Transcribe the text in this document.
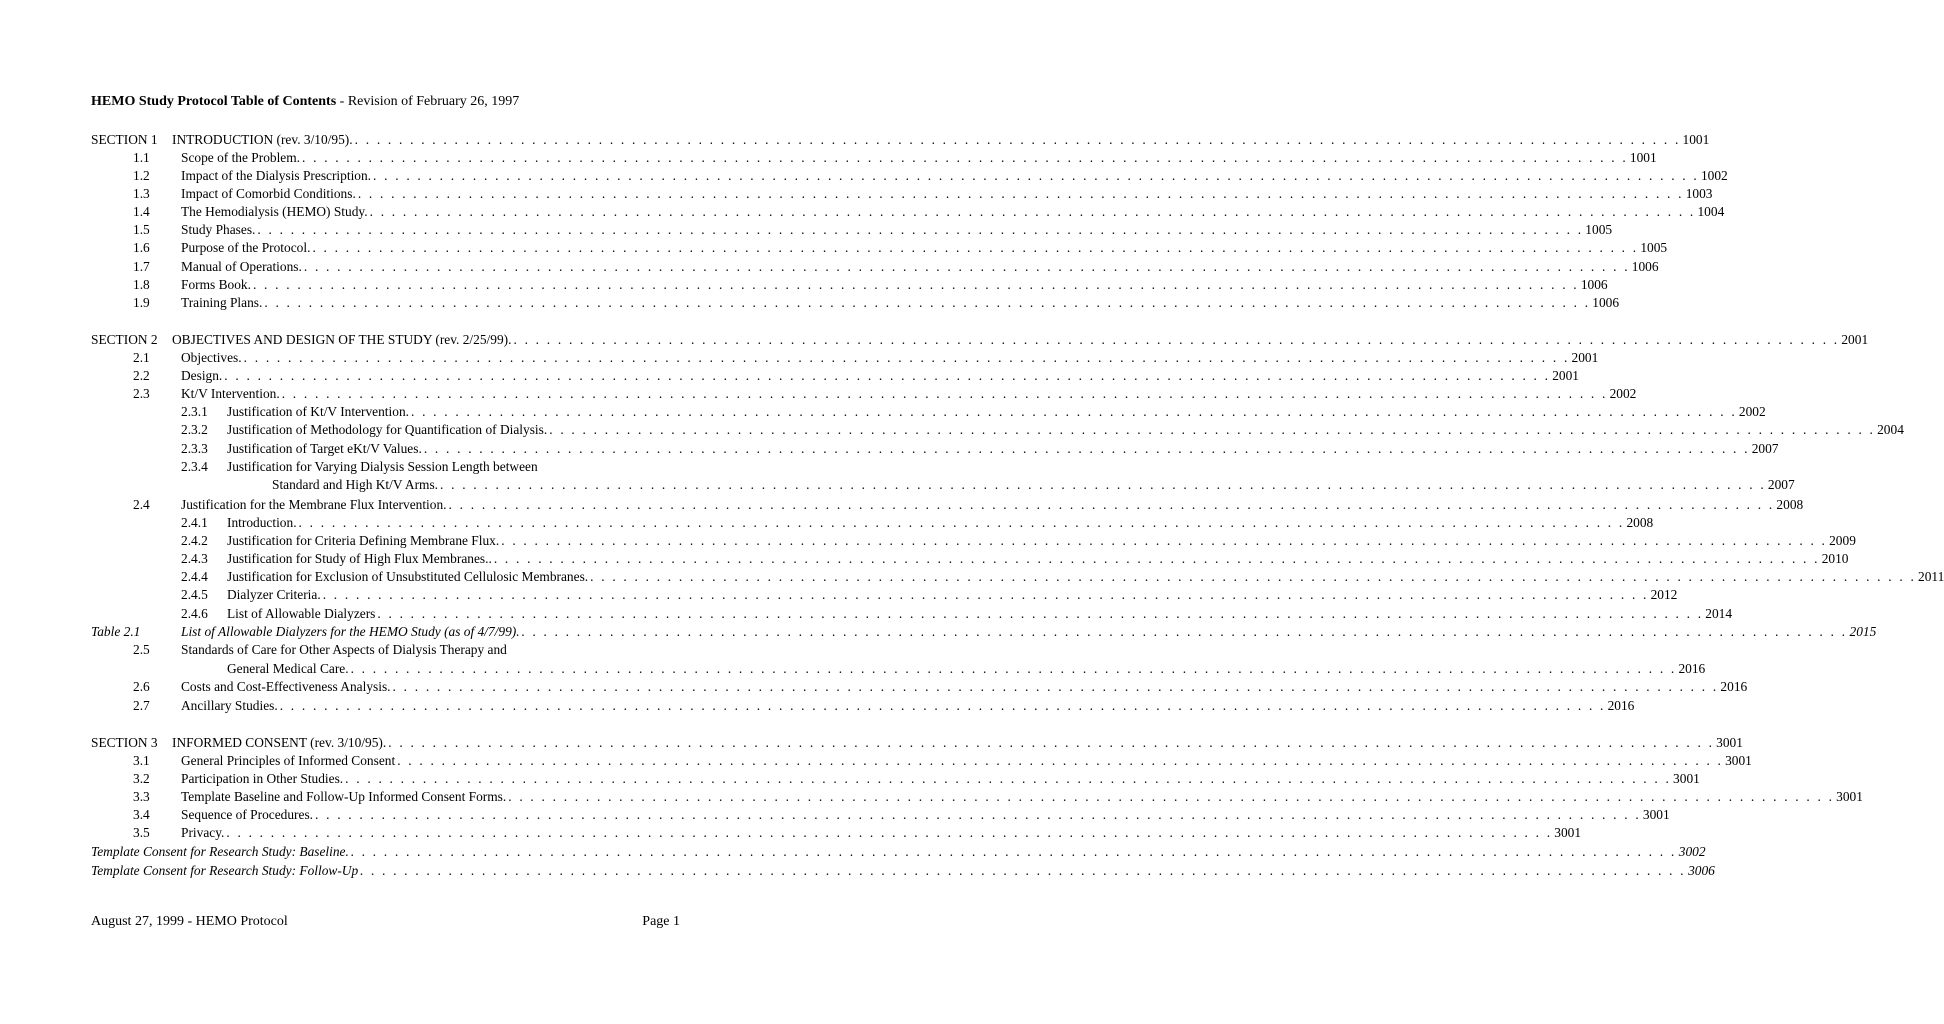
HEMO Study Protocol Table of Contents - Revision of February 26, 1997
SECTION 1 INTRODUCTION (rev. 3/10/95). . . . . . . . . . . . . . . . . . . . . . . . . . . . . . . . . . . . . . . . . . . . . . . . . . . . . . . . . . . . . . . . . . . . . . . . . . . . . . . . . . . . . . . . . . . . . . . . . . . . . . . . . . . . . . . . . . . . . . . . . 1001
1.1 Scope of the Problem. . . . . . . . . . . . . . . . . . . . . . . . . . . . . . . . . . . . . . . . . . . . . . . . . . . . . . . . . . . . . . . . . . . . . . . . . . . . . . . . . . . . . . . . . . . . . . . . . . . . . . . . . . . . . . . . . . . . . . . . . 1001
1.2 Impact of the Dialysis Prescription. . . . . . . . . . . . . . . . . . . . . . . . . . . . . . . . . . . . . . . . . . . . . . . . . . . . . . . . . . . . . . . . . . . . . . . . . . . . . . . . . . . . . . . . . . . . . . . . . . . . . . . . . . . . . . . . . . . . . . . . . 1002
1.3 Impact of Comorbid Conditions. . . . . . . . . . . . . . . . . . . . . . . . . . . . . . . . . . . . . . . . . . . . . . . . . . . . . . . . . . . . . . . . . . . . . . . . . . . . . . . . . . . . . . . . . . . . . . . . . . . . . . . . . . . . . . . . . . . . . . . . . 1003
1.4 The Hemodialysis (HEMO) Study. . . . . . . . . . . . . . . . . . . . . . . . . . . . . . . . . . . . . . . . . . . . . . . . . . . . . . . . . . . . . . . . . . . . . . . . . . . . . . . . . . . . . . . . . . . . . . . . . . . . . . . . . . . . . . . . . . . . . . . . . 1004
1.5 Study Phases. . . . . . . . . . . . . . . . . . . . . . . . . . . . . . . . . . . . . . . . . . . . . . . . . . . . . . . . . . . . . . . . . . . . . . . . . . . . . . . . . . . . . . . . . . . . . . . . . . . . . . . . . . . . . . . . . . . . . . . . . 1005
1.6 Purpose of the Protocol. . . . . . . . . . . . . . . . . . . . . . . . . . . . . . . . . . . . . . . . . . . . . . . . . . . . . . . . . . . . . . . . . . . . . . . . . . . . . . . . . . . . . . . . . . . . . . . . . . . . . . . . . . . . . . . . . . . . . . . . . 1005
1.7 Manual of Operations. . . . . . . . . . . . . . . . . . . . . . . . . . . . . . . . . . . . . . . . . . . . . . . . . . . . . . . . . . . . . . . . . . . . . . . . . . . . . . . . . . . . . . . . . . . . . . . . . . . . . . . . . . . . . . . . . . . . . . . . . 1006
1.8 Forms Book. . . . . . . . . . . . . . . . . . . . . . . . . . . . . . . . . . . . . . . . . . . . . . . . . . . . . . . . . . . . . . . . . . . . . . . . . . . . . . . . . . . . . . . . . . . . . . . . . . . . . . . . . . . . . . . . . . . . . . . . . 1006
1.9 Training Plans. . . . . . . . . . . . . . . . . . . . . . . . . . . . . . . . . . . . . . . . . . . . . . . . . . . . . . . . . . . . . . . . . . . . . . . . . . . . . . . . . . . . . . . . . . . . . . . . . . . . . . . . . . . . . . . . . . . . . . . . . 1006
SECTION 2 OBJECTIVES AND DESIGN OF THE STUDY (rev. 2/25/99). . . . . . . . . . . . . . . . . . . . . . . . . . . . . . . . . . . . . . . . . . . . . . . . . . . . . . . . . . . . . . . . . . . . . . . . . . . . . . . . . . . . . . . . . . . . . . . . . . . . . . . . . . . . . . . . . . . . . . . . . 2001
2.1 Objectives. . . . . . . . . . . . . . . . . . . . . . . . . . . . . . . . . . . . . . . . . . . . . . . . . . . . . . . . . . . . . . . . . . . . . . . . . . . . . . . . . . . . . . . . . . . . . . . . . . . . . . . . . . . . . . . . . . . . . . . . . 2001
2.2 Design. . . . . . . . . . . . . . . . . . . . . . . . . . . . . . . . . . . . . . . . . . . . . . . . . . . . . . . . . . . . . . . . . . . . . . . . . . . . . . . . . . . . . . . . . . . . . . . . . . . . . . . . . . . . . . . . . . . . . . . . . 2001
2.3 Kt/V Intervention. . . . . . . . . . . . . . . . . . . . . . . . . . . . . . . . . . . . . . . . . . . . . . . . . . . . . . . . . . . . . . . . . . . . . . . . . . . . . . . . . . . . . . . . . . . . . . . . . . . . . . . . . . . . . . . . . . . . . . . . . 2002
2.3.1 Justification of Kt/V Intervention. . . . . . . . . . . . . . . . . . . . . . . . . . . . . . . . . . . . . . . . . . . . . . . . . . . . . . . . . . . . . . . . . . . . . . . . . . . . . . . . . . . . . . . . . . . . . . . . . . . . . . . . . . . . . . . . . . . . . . . . . 2002
2.3.2 Justification of Methodology for Quantification of Dialysis. . . . . . . . . . . . . . . . . . . . . . . . . . . . . . . . . . . . . . . . . . . . . . . . . . . . . . . . . . . . . . . . . . . . . . . . . . . . . . . . . . . . . . . . . . . . . . . . . . . . . . . . . . . . . . . . . . . . . . . . . 2004
2.3.3 Justification of Target eKt/V Values. . . . . . . . . . . . . . . . . . . . . . . . . . . . . . . . . . . . . . . . . . . . . . . . . . . . . . . . . . . . . . . . . . . . . . . . . . . . . . . . . . . . . . . . . . . . . . . . . . . . . . . . . . . . . . . . . . . . . . . . . 2007
2.3.4 Justification for Varying Dialysis Session Length between
Standard and High Kt/V Arms. . . . . . . . . . . . . . . . . . . . . . . . . . . . . . . . . . . . . . . . . . . . . . . . . . . . . . . . . . . . . . . . . . . . . . . . . . . . . . . . . . . . . . . . . . . . . . . . . . . . . . . . . . . . . . . . . . . . . . . . . 2007
2.4 Justification for the Membrane Flux Intervention. . . . . . . . . . . . . . . . . . . . . . . . . . . . . . . . . . . . . . . . . . . . . . . . . . . . . . . . . . . . . . . . . . . . . . . . . . . . . . . . . . . . . . . . . . . . . . . . . . . . . . . . . . . . . . . . . . . . . . . . . 2008
2.4.1 Introduction. . . . . . . . . . . . . . . . . . . . . . . . . . . . . . . . . . . . . . . . . . . . . . . . . . . . . . . . . . . . . . . . . . . . . . . . . . . . . . . . . . . . . . . . . . . . . . . . . . . . . . . . . . . . . . . . . . . . . . . . . 2008
2.4.2 Justification for Criteria Defining Membrane Flux. . . . . . . . . . . . . . . . . . . . . . . . . . . . . . . . . . . . . . . . . . . . . . . . . . . . . . . . . . . . . . . . . . . . . . . . . . . . . . . . . . . . . . . . . . . . . . . . . . . . . . . . . . . . . . . . . . . . . . . . . 2009
2.4.3 Justification for Study of High Flux Membranes.. . . . . . . . . . . . . . . . . . . . . . . . . . . . . . . . . . . . . . . . . . . . . . . . . . . . . . . . . . . . . . . . . . . . . . . . . . . . . . . . . . . . . . . . . . . . . . . . . . . . . . . . . . . . . . . . . . . . . . . . . 2010
2.4.4 Justification for Exclusion of Unsubstituted Cellulosic Membranes. . . . . . . . . . . . . . . . . . . . . . . . . . . . . . . . . . . . . . . . . . . . . . . . . . . . . . . . . . . . . . . . . . . . . . . . . . . . . . . . . . . . . . . . . . . . . . . . . . . . . . . . . . . . . . . . . . . . . . . . . 2011
2.4.5 Dialyzer Criteria. . . . . . . . . . . . . . . . . . . . . . . . . . . . . . . . . . . . . . . . . . . . . . . . . . . . . . . . . . . . . . . . . . . . . . . . . . . . . . . . . . . . . . . . . . . . . . . . . . . . . . . . . . . . . . . . . . . . . . . . . 2012
2.4.6 List of Allowable Dialyzers . . . . . . . . . . . . . . . . . . . . . . . . . . . . . . . . . . . . . . . . . . . . . . . . . . . . . . . . . . . . . . . . . . . . . . . . . . . . . . . . . . . . . . . . . . . . . . . . . . . . . . . . . . . . . . . . . . . . . . . . 2014
Table 2.1	List of Allowable Dialyzers for the HEMO Study (as of 4/7/99). . . . . . . . . . . . . . . . . . . . . . . . . . . . . . . . . . . . . . . . . . . . . . . . . . . . . . . . . . . . . . . . . . . . . . . . . . . . . . . . . . . . . . . . . . . . . . . . . . . . . . . . . . . . . . . . . . . . . . . . . 2015
2.5 Standards of Care for Other Aspects of Dialysis Therapy and
General Medical Care. . . . . . . . . . . . . . . . . . . . . . . . . . . . . . . . . . . . . . . . . . . . . . . . . . . . . . . . . . . . . . . . . . . . . . . . . . . . . . . . . . . . . . . . . . . . . . . . . . . . . . . . . . . . . . . . . . . . . . . . . 2016
2.6 Costs and Cost-Effectiveness Analysis. . . . . . . . . . . . . . . . . . . . . . . . . . . . . . . . . . . . . . . . . . . . . . . . . . . . . . . . . . . . . . . . . . . . . . . . . . . . . . . . . . . . . . . . . . . . . . . . . . . . . . . . . . . . . . . . . . . . . . . . . 2016
2.7 Ancillary Studies. . . . . . . . . . . . . . . . . . . . . . . . . . . . . . . . . . . . . . . . . . . . . . . . . . . . . . . . . . . . . . . . . . . . . . . . . . . . . . . . . . . . . . . . . . . . . . . . . . . . . . . . . . . . . . . . . . . . . . . . . 2016
SECTION 3 INFORMED CONSENT (rev. 3/10/95). . . . . . . . . . . . . . . . . . . . . . . . . . . . . . . . . . . . . . . . . . . . . . . . . . . . . . . . . . . . . . . . . . . . . . . . . . . . . . . . . . . . . . . . . . . . . . . . . . . . . . . . . . . . . . . . . . . . . . . . . 3001
3.1 General Principles of Informed Consent . . . . . . . . . . . . . . . . . . . . . . . . . . . . . . . . . . . . . . . . . . . . . . . . . . . . . . . . . . . . . . . . . . . . . . . . . . . . . . . . . . . . . . . . . . . . . . . . . . . . . . . . . . . . . . . . . . . . . . . . 3001
3.2 Participation in Other Studies. . . . . . . . . . . . . . . . . . . . . . . . . . . . . . . . . . . . . . . . . . . . . . . . . . . . . . . . . . . . . . . . . . . . . . . . . . . . . . . . . . . . . . . . . . . . . . . . . . . . . . . . . . . . . . . . . . . . . . . . . 3001
3.3 Template Baseline and Follow-Up Informed Consent Forms. . . . . . . . . . . . . . . . . . . . . . . . . . . . . . . . . . . . . . . . . . . . . . . . . . . . . . . . . . . . . . . . . . . . . . . . . . . . . . . . . . . . . . . . . . . . . . . . . . . . . . . . . . . . . . . . . . . . . . . . . 3001
3.4 Sequence of Procedures. . . . . . . . . . . . . . . . . . . . . . . . . . . . . . . . . . . . . . . . . . . . . . . . . . . . . . . . . . . . . . . . . . . . . . . . . . . . . . . . . . . . . . . . . . . . . . . . . . . . . . . . . . . . . . . . . . . . . . . . . 3001
3.5 Privacy. . . . . . . . . . . . . . . . . . . . . . . . . . . . . . . . . . . . . . . . . . . . . . . . . . . . . . . . . . . . . . . . . . . . . . . . . . . . . . . . . . . . . . . . . . . . . . . . . . . . . . . . . . . . . . . . . . . . . . . . . 3001
Template Consent for Research Study: Baseline. . . . . . . . . . . . . . . . . . . . . . . . . . . . . . . . . . . . . . . . . . . . . . . . . . . . . . . . . . . . . . . . . . . . . . . . . . . . . . . . . . . . . . . . . . . . . . . . . . . . . . . . . . . . . . . . . . . . . . . . . 3002
Template Consent for Research Study: Follow-Up . . . . . . . . . . . . . . . . . . . . . . . . . . . . . . . . . . . . . . . . . . . . . . . . . . . . . . . . . . . . . . . . . . . . . . . . . . . . . . . . . . . . . . . . . . . . . . . . . . . . . . . . . . . . . . . . . . . . . . . . 3006
August 27, 1999 - HEMO Protocol	Page 1
